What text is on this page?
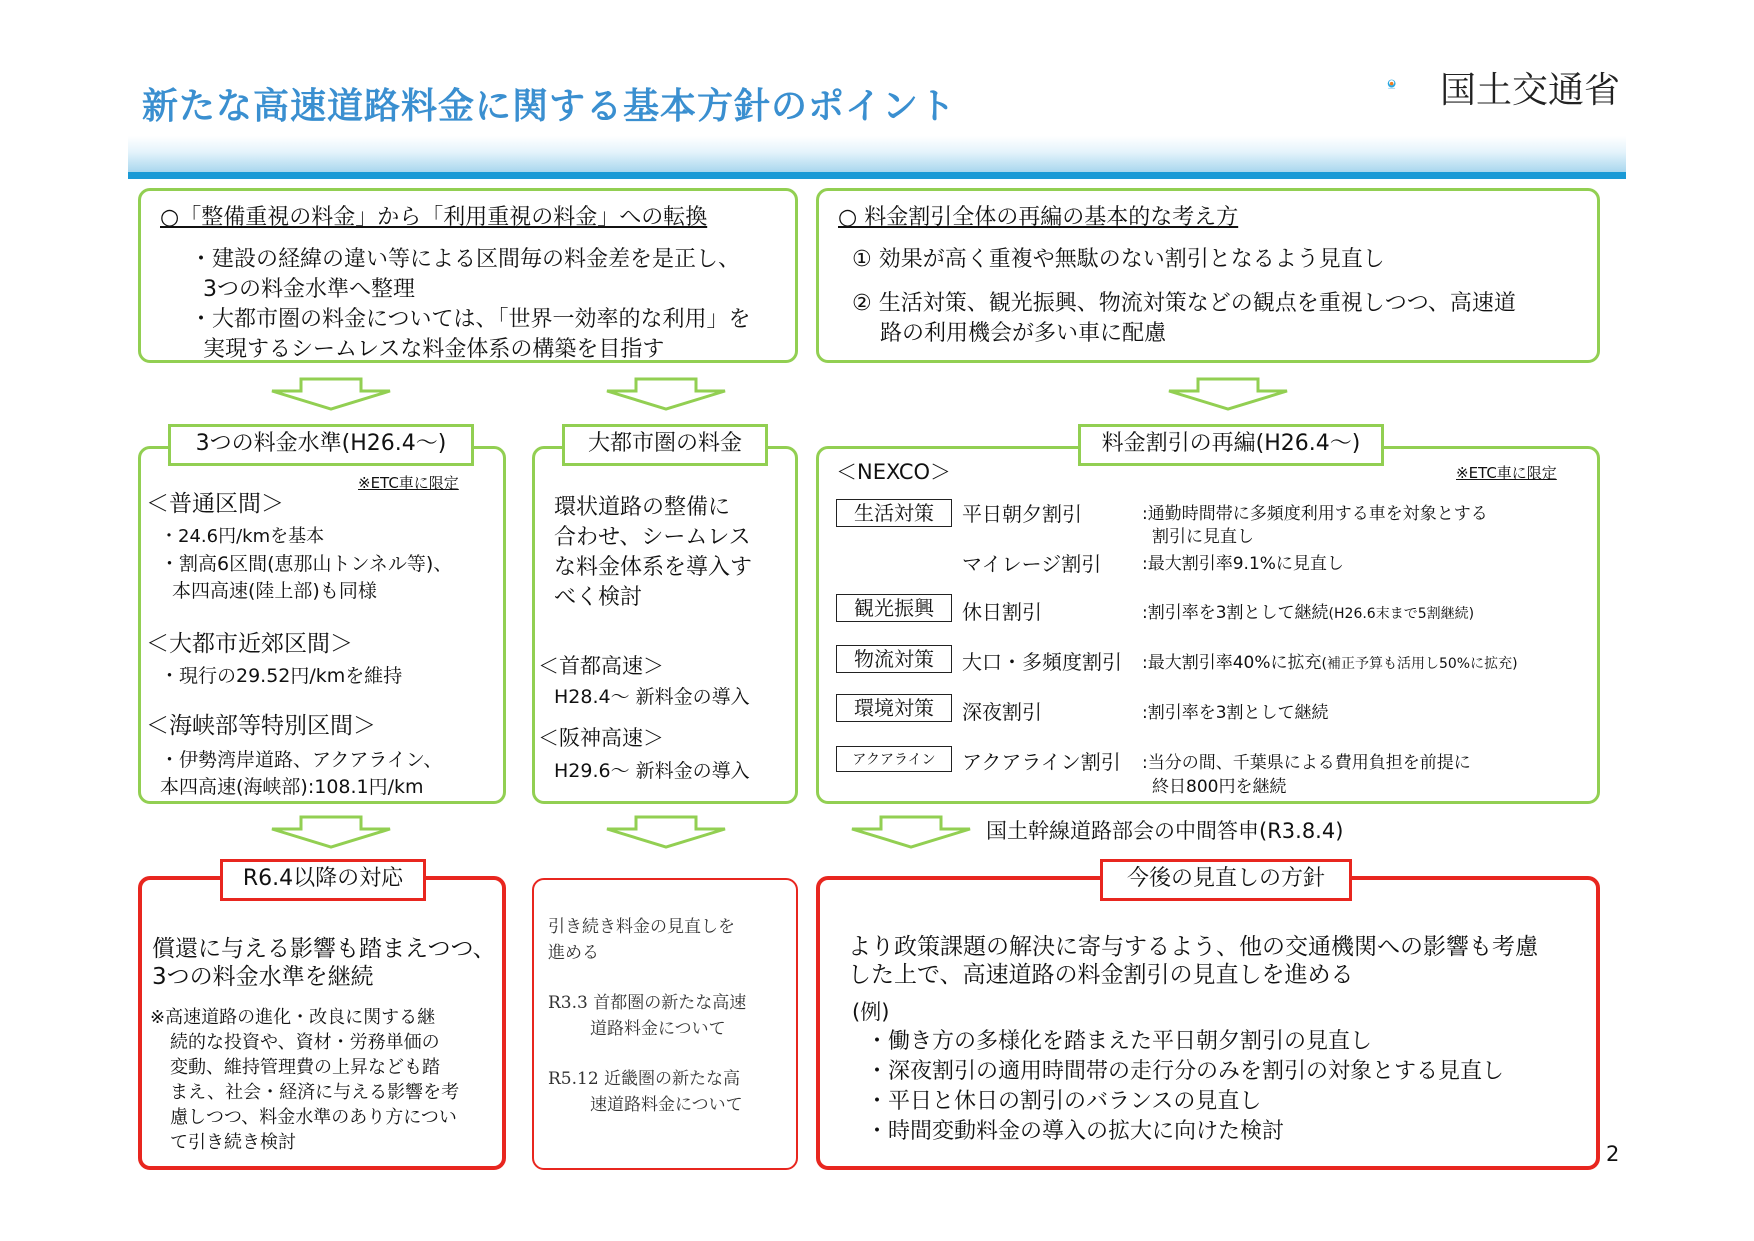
新たな高速道路料金に関する基本方針のポイント	国土交通省
○「整備重視の料金」から「利用重視の料金」への転換
・建設の経緯の違い等による区間毎の料金差を是正し、
3つの料金水準へ整理
・大都市圏の料金については、「世界一効率的な利用」を
実現するシームレスな料金体系の構築を目指す
○ 料金割引全体の再編の基本的な考え方
① 効果が高く重複や無駄のない割引となるよう見直し
② 生活対策、観光振興、物流対策などの観点を重視しつつ、高速道
路の利用機会が多い車に配慮
3つの料金水準(H26.4〜)
※ETC車に限定
＜普通区間＞
・24.6円/kmを基本
・割高6区間(恵那山トンネル等)、
本四高速(陸上部)も同様
＜大都市近郊区間＞
・現行の29.52円/kmを維持
＜海峡部等特別区間＞
・伊勢湾岸道路、アクアライン、
本四高速(海峡部):108.1円/km
大都市圏の料金
環状道路の整備に
合わせ、シームレス
な料金体系を導入す
べく検討
＜首都高速＞
H28.4〜 新料金の導入
＜阪神高速＞
H29.6〜 新料金の導入
料金割引の再編(H26.4〜)
＜NEXCO＞	※ETC車に限定
生活対策	平日朝夕割引	:通勤時間帯に多頻度利用する車を対象とする
割引に見直し
マイレージ割引 :最大割引率9.1%に見直し
観光振興	休日割引	:割引率を3割として継続(H26.6末まで5割継続)
物流対策	大口・多頻度割引 :最大割引率40%に拡充(補正予算も活用し50%に拡充)
環境対策	深夜割引	:割引率を3割として継続
アクアライン	アクアライン割引 :当分の間、千葉県による費用負担を前提に
終日800円を継続
国土幹線道路部会の中間答申(R3.8.4)
R6.4以降の対応
償還に与える影響も踏まえつつ、
3つの料金水準を継続
※高速道路の進化・改良に関する継
続的な投資や、資材・労務単価の
変動、維持管理費の上昇なども踏
まえ、社会・経済に与える影響を考
慮しつつ、料金水準のあり方につい
て引き続き検討
引き続き料金の見直しを
進める
R3.3 首都圏の新たな高速
道路料金について
R5.12 近畿圏の新たな高
速道路料金について
今後の見直しの方針
より政策課題の解決に寄与するよう、他の交通機関への影響も考慮
した上で、高速道路の料金割引の見直しを進める
(例)
・働き方の多様化を踏まえた平日朝夕割引の見直し
・深夜割引の適用時間帯の走行分のみを割引の対象とする見直し
・平日と休日の割引のバランスの見直し
・時間変動料金の導入の拡大に向けた検討
2
